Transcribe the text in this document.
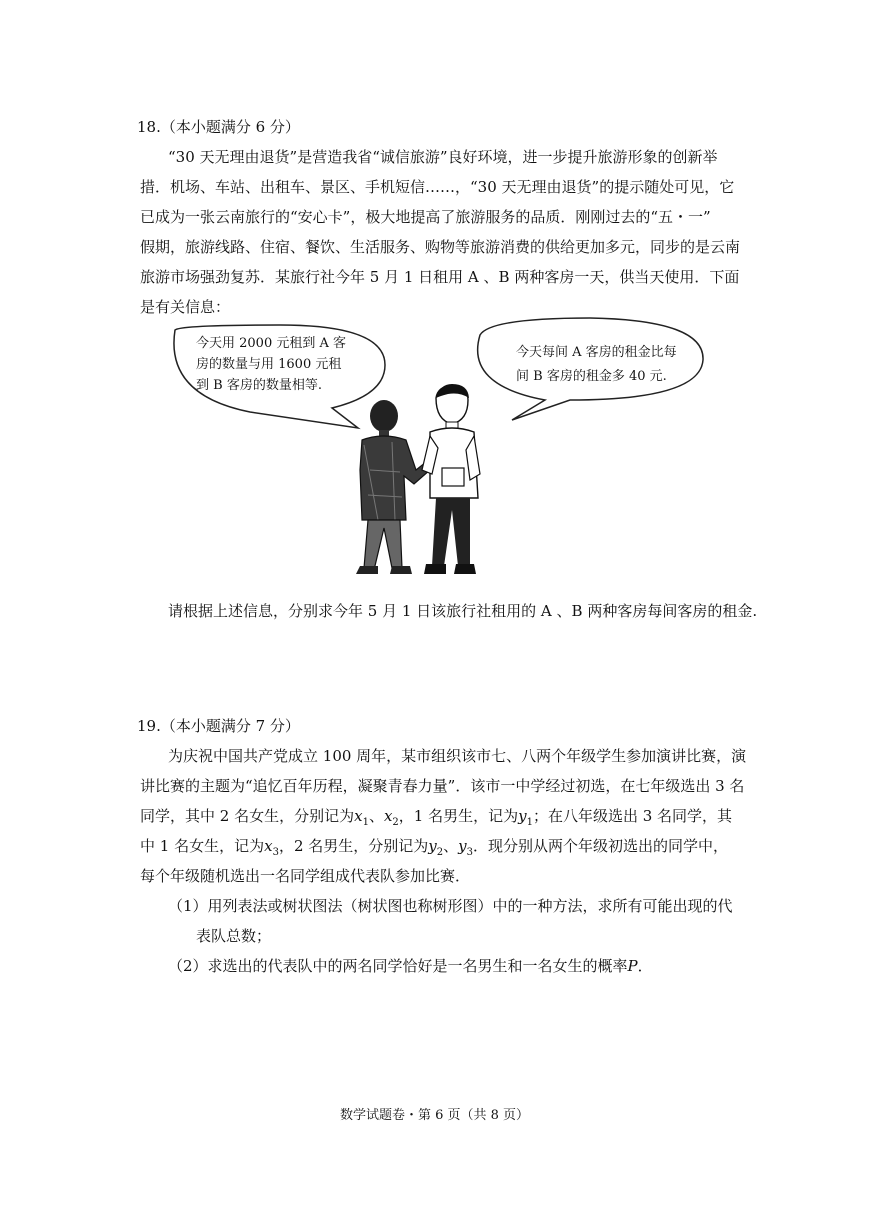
18.（本小题满分 6 分）

“30 天无理由退货”是营造我省“诚信旅游”良好环境，进一步提升旅游形象的创新举

措．机场、车站、出租车、景区、手机短信……，“30 天无理由退货”的提示随处可见，它

已成为一张云南旅行的“安心卡”，极大地提高了旅游服务的品质．刚刚过去的“五・一”

假期，旅游线路、住宿、餐饮、生活服务、购物等旅游消费的供给更加多元，同步的是云南

旅游市场强劲复苏．某旅行社今年 5 月 1 日租用 A 、B 两种客房一天，供当天使用．下面

是有关信息：

今天用 2000 元租到 A 客
房的数量与用 1600 元租
到 B 客房的数量相等.
今天每间 A 客房的租金比每
间 B 客房的租金多 40 元.

请根据上述信息，分别求今年 5 月 1 日该旅行社租用的 A 、B 两种客房每间客房的租金.

19.（本小题满分 7 分）

为庆祝中国共产党成立 100 周年，某市组织该市七、八两个年级学生参加演讲比赛，演

讲比赛的主题为“追忆百年历程，凝聚青春力量”．该市一中学经过初选，在七年级选出 3 名

同学，其中 2 名女生，分别记为$x_1$、$x_2$，1 名男生，记为$y_1$；在八年级选出 3 名同学，其

中 1 名女生，记为$x_3$，2 名男生，分别记为$y_2$、$y_3$．现分别从两个年级初选出的同学中，

每个年级随机选出一名同学组成代表队参加比赛．

（1）用列表法或树状图法（树状图也称树形图）中的一种方法，求所有可能出现的代

表队总数；

（2）求选出的代表队中的两名同学恰好是一名男生和一名女生的概率P．

数学试题卷・第 6 页（共 8 页）
